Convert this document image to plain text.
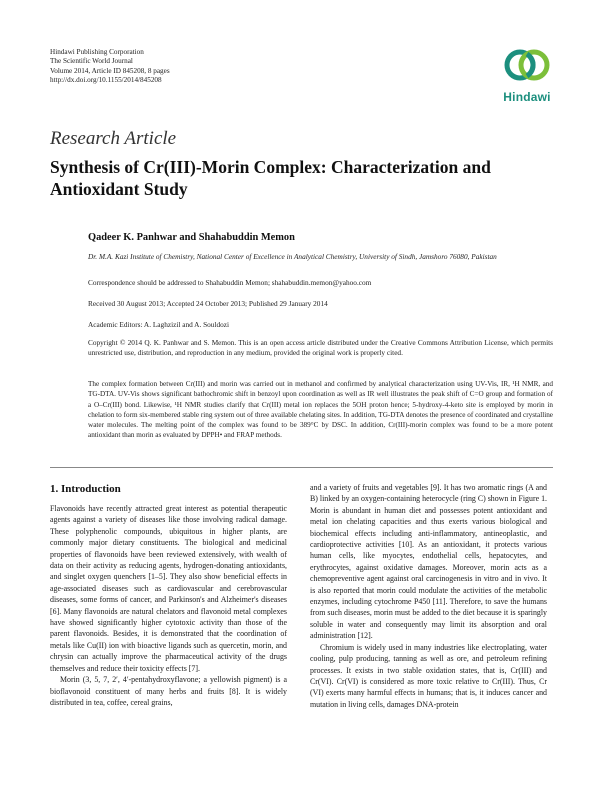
Hindawi Publishing Corporation
The Scientific World Journal
Volume 2014, Article ID 845208, 8 pages
http://dx.doi.org/10.1155/2014/845208
Hindawi
Research Article
Synthesis of Cr(III)-Morin Complex: Characterization and Antioxidant Study
Qadeer K. Panhwar and Shahabuddin Memon
Dr. M.A. Kazi Institute of Chemistry, National Center of Excellence in Analytical Chemistry, University of Sindh, Jamshoro 76080, Pakistan
Correspondence should be addressed to Shahabuddin Memon; shahabuddin.memon@yahoo.com
Received 30 August 2013; Accepted 24 October 2013; Published 29 January 2014
Academic Editors: A. Laghzizil and A. Souldozi
Copyright © 2014 Q. K. Panhwar and S. Memon. This is an open access article distributed under the Creative Commons Attribution License, which permits unrestricted use, distribution, and reproduction in any medium, provided the original work is properly cited.
The complex formation between Cr(III) and morin was carried out in methanol and confirmed by analytical characterization using UV-Vis, IR, ¹H NMR, and TG-DTA. UV-Vis shows significant bathochromic shift in benzoyl upon coordination as well as IR well illustrates the peak shift of C=O group and formation of a O–Cr(III) bond. Likewise, ¹H NMR studies clarify that Cr(III) metal ion replaces the 5OH proton hence; 5-hydroxy-4-keto site is employed by morin in chelation to form six-membered stable ring system out of three available chelating sites. In addition, TG-DTA denotes the presence of coordinated and crystalline water molecules. The melting point of the complex was found to be 389°C by DSC. In addition, Cr(III)-morin complex was found to be a more potent antioxidant than morin as evaluated by DPPH• and FRAP methods.
1. Introduction

Flavonoids have recently attracted great interest as potential therapeutic agents against a variety of diseases like those involving radical damage. These polyphenolic compounds, ubiquitous in higher plants, are commonly major dietary constituents. The biological and medicinal properties of flavonoids have been reviewed extensively, with wealth of data on their activity as reducing agents, hydrogen-donating antioxidants, and singlet oxygen quenchers [1–5]. They also show beneficial effects in age-associated diseases such as cardiovascular and cerebrovascular diseases, some forms of cancer, and Parkinson's and Alzheimer's diseases [6]. Many flavonoids are natural chelators and flavonoid metal complexes have showed significantly higher cytotoxic activity than those of the parent flavonoids. Besides, it is demonstrated that the coordination of metals like Cu(II) ion with bioactive ligands such as quercetin, morin, and chrysin can actually improve the pharmaceutical activity of the drugs themselves and reduce their toxicity effects [7].

Morin (3, 5, 7, 2′, 4′-pentahydroxyflavone; a yellowish pigment) is a bioflavonoid constituent of many herbs and fruits [8]. It is widely distributed in tea, coffee, cereal grains,

and a variety of fruits and vegetables [9]. It has two aromatic rings (A and B) linked by an oxygen-containing heterocycle (ring C) shown in Figure 1. Morin is abundant in human diet and possesses potent antioxidant and metal ion chelating capacities and thus exerts various biological and biochemical effects including anti-inflammatory, antineoplastic, and cardioprotective activities [10]. As an antioxidant, it protects various human cells, like myocytes, endothelial cells, hepatocytes, and erythrocytes, against oxidative damages. Moreover, morin acts as a chemopreventive agent against oral carcinogenesis in vitro and in vivo. It is also reported that morin could modulate the activities of the metabolic enzymes, including cytochrome P450 [11]. Therefore, to save the humans from such diseases, morin must be added to the diet because it is sparingly soluble in water and consequently may limit its absorption and oral administration [12].

Chromium is widely used in many industries like electroplating, water cooling, pulp producing, tanning as well as ore, and petroleum refining processes. It exists in two stable oxidation states, that is, Cr(III) and Cr(VI). Cr(VI) is considered as more toxic relative to Cr(III). Thus, Cr (VI) exerts many harmful effects in humans; that is, it induces cancer and mutation in living cells, damages DNA-protein
